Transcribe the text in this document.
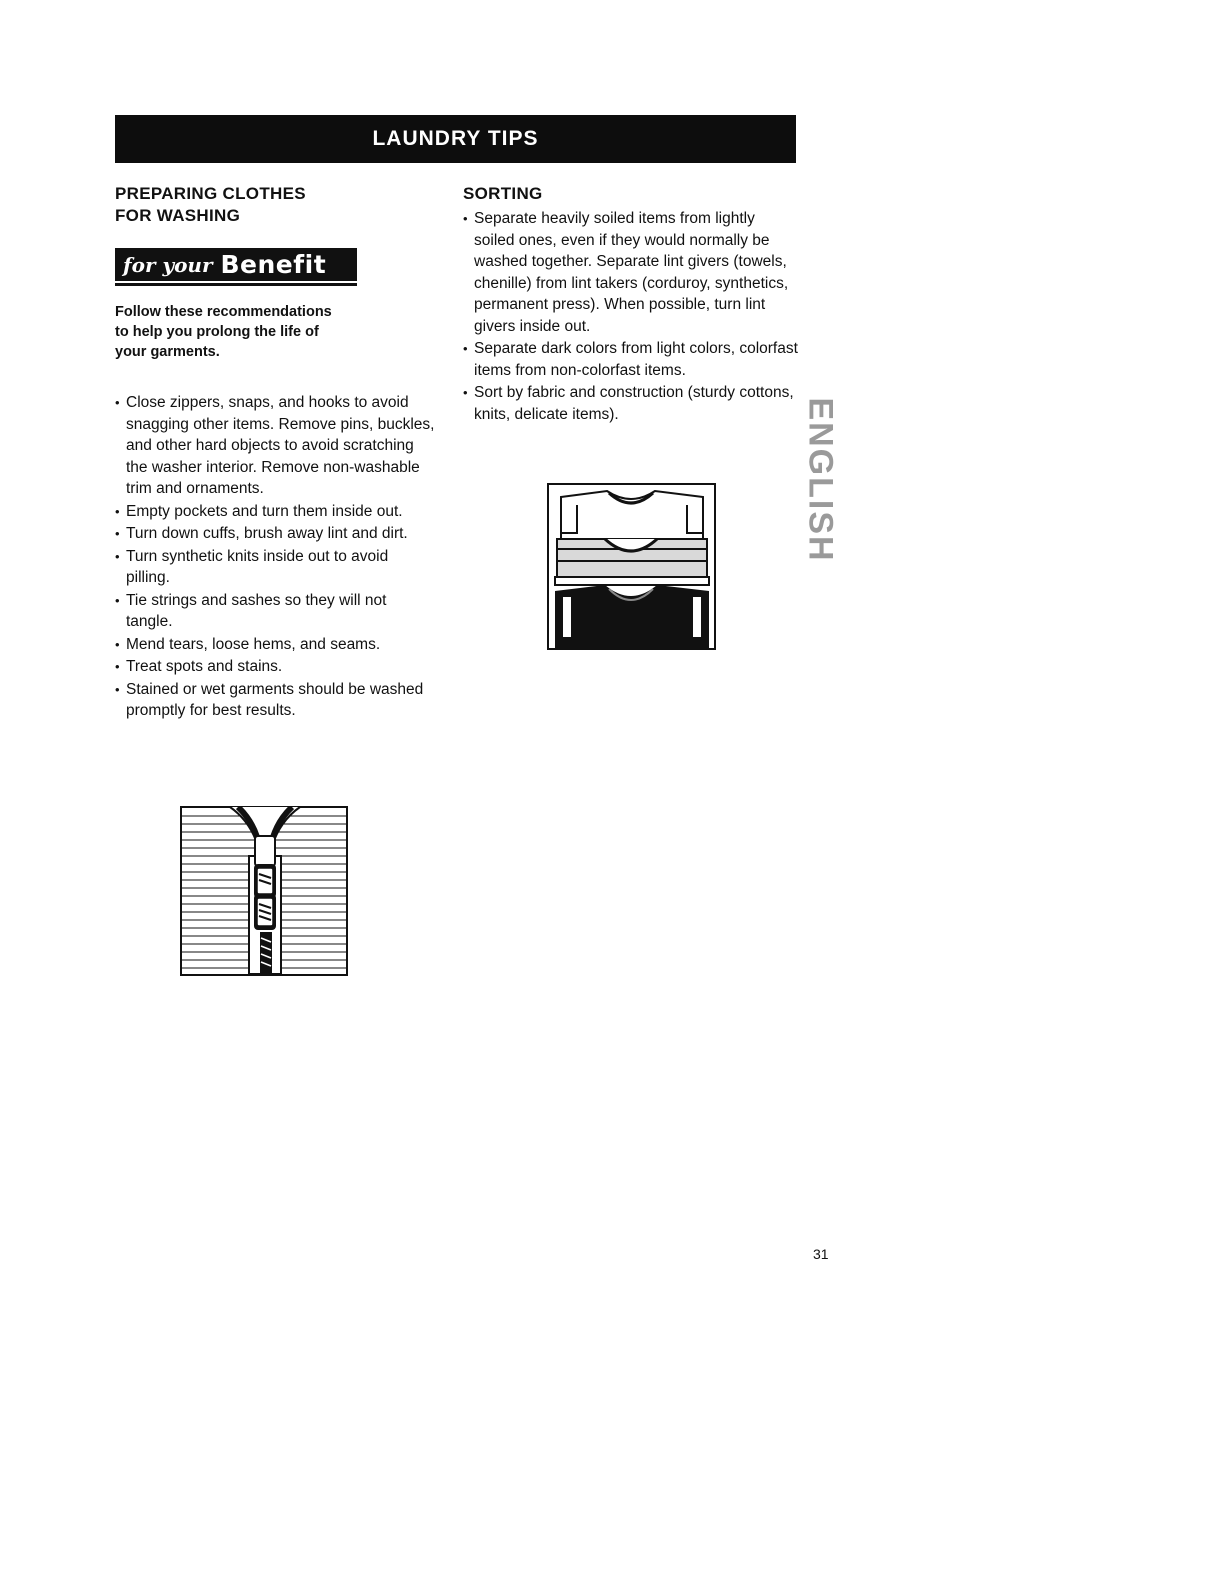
LAUNDRY TIPS
PREPARING CLOTHES
FOR WASHING
for your Benefit
Follow these recommendations
to help you prolong the life of
your garments.
• Close zippers, snaps, and hooks to avoid snagging other items. Remove pins, buckles, and other hard objects to avoid scratching the washer interior. Remove non-washable trim and ornaments.
• Empty pockets and turn them inside out.
• Turn down cuffs, brush away lint and dirt.
• Turn synthetic knits inside out to avoid pilling.
• Tie strings and sashes so they will not tangle.
• Mend tears, loose hems, and seams.
• Treat spots and stains.
• Stained or wet garments should be washed promptly for best results.
SORTING
• Separate heavily soiled items from lightly soiled ones, even if they would normally be washed together. Separate lint givers (towels, chenille) from lint takers (corduroy, synthetics, permanent press). When possible, turn lint givers inside out.
• Separate dark colors from light colors, colorfast items from non-colorfast items.
• Sort by fabric and construction (sturdy cottons, knits, delicate items).	ENGLISH
31
